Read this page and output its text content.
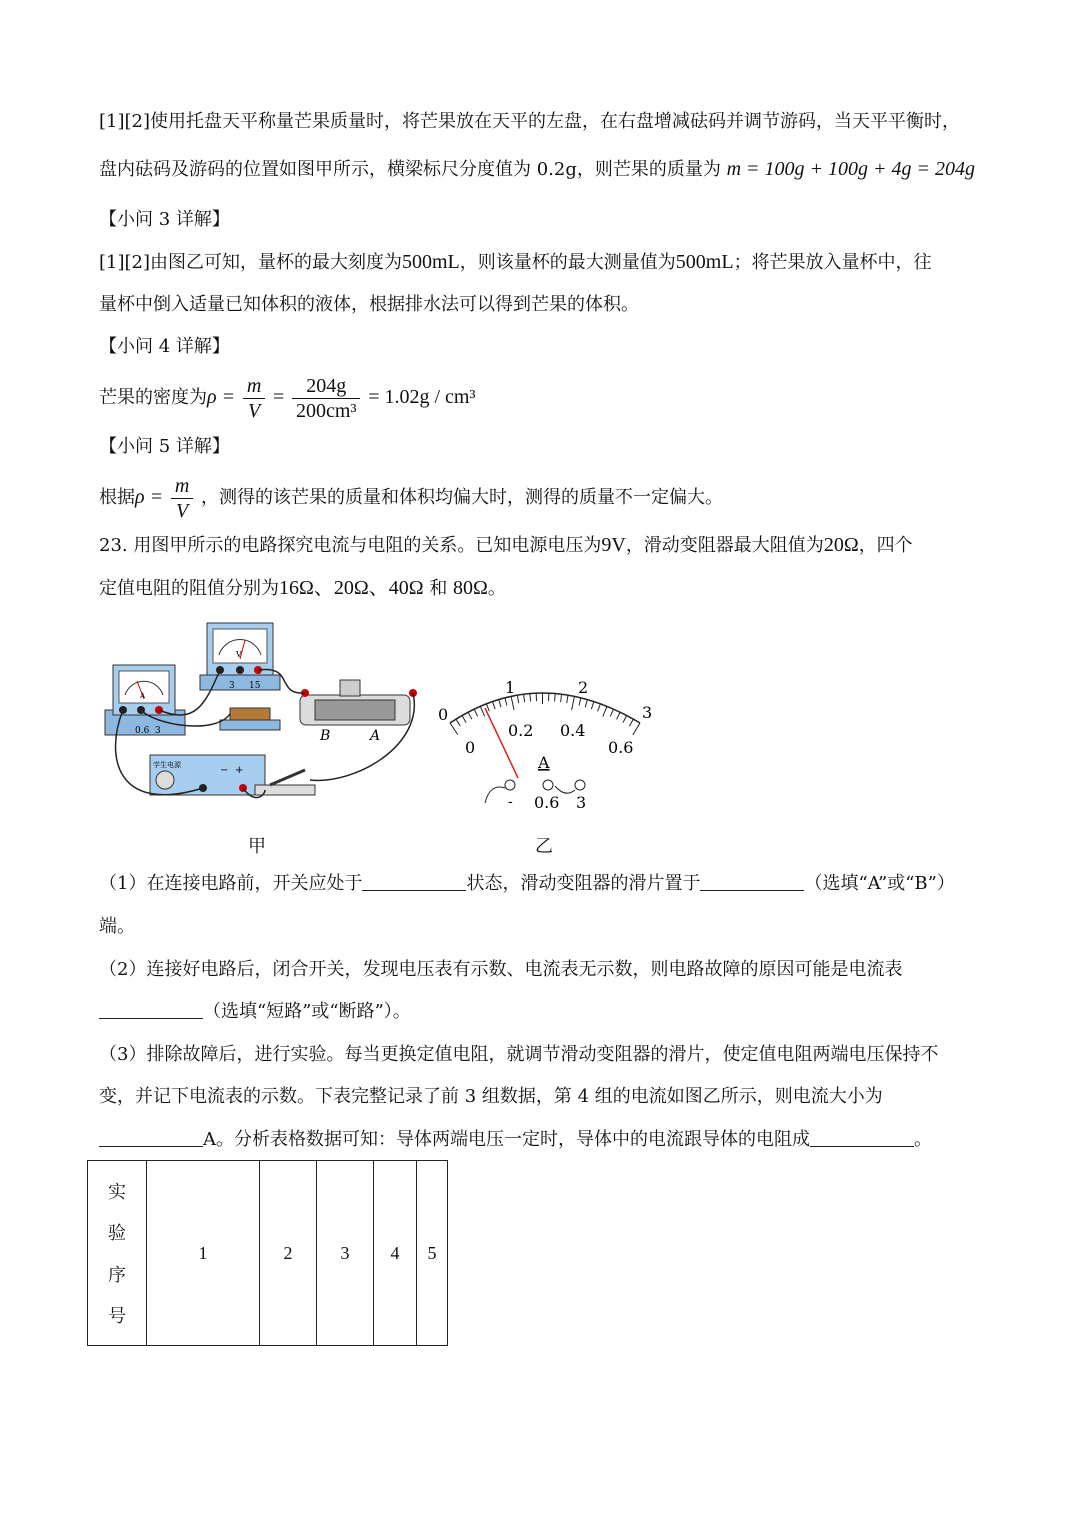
[1][2]使用托盘天平称量芒果质量时，将芒果放在天平的左盘，在右盘增减砝码并调节游码，当天平平衡时，
盘内砝码及游码的位置如图甲所示，横梁标尺分度值为 0.2g，则芒果的质量为 m = 100g + 100g + 4g = 204g
【小问 3 详解】
[1][2]由图乙可知，量杯的最大刻度为500mL，则该量杯的最大测量值为500mL；将芒果放入量杯中，往
量杯中倒入适量已知体积的液体，根据排水法可以得到芒果的体积。
【小问 4 详解】
芒果的密度为$\rho = \frac{m}{V} = \frac{204g}{\text{200cm³}} = 1.02g / cm^3$
【小问 5 详解】
根据$\rho = \frac{m}{V}$ ，测得的该芒果的质量和体积均偏大时，测得的质量不一定偏大。
23. 用图甲所示的电路探究电流与电阻的关系。已知电源电压为9V，滑动变阻器最大阻值为20Ω，四个
定值电阻的阻值分别为16Ω、20Ω、40Ω 和 80Ω。
A
0.6 3
V
3 15
B	A
学生电源	− +
甲
0
1	2
3
0
0.2 0.4
0.6
A
- 0.6 3
乙
（1）在连接电路前，开关应处于	状态，滑动变阻器的滑片置于	（选填“A”或“B”）
端。
（2）连接好电路后，闭合开关，发现电压表有示数、电流表无示数，则电路故障的原因可能是电流表
（选填“短路”或“断路”）。
（3）排除故障后，进行实验。每当更换定值电阻，就调节滑动变阻器的滑片，使定值电阻两端电压保持不
变，并记下电流表的示数。下表完整记录了前 3 组数据，第 4 组的电流如图乙所示，则电流大小为
A。分析表格数据可知：导体两端电压一定时，导体中的电流跟导体的电阻成	。
实
验
序
号
	1	2	3	4	5
